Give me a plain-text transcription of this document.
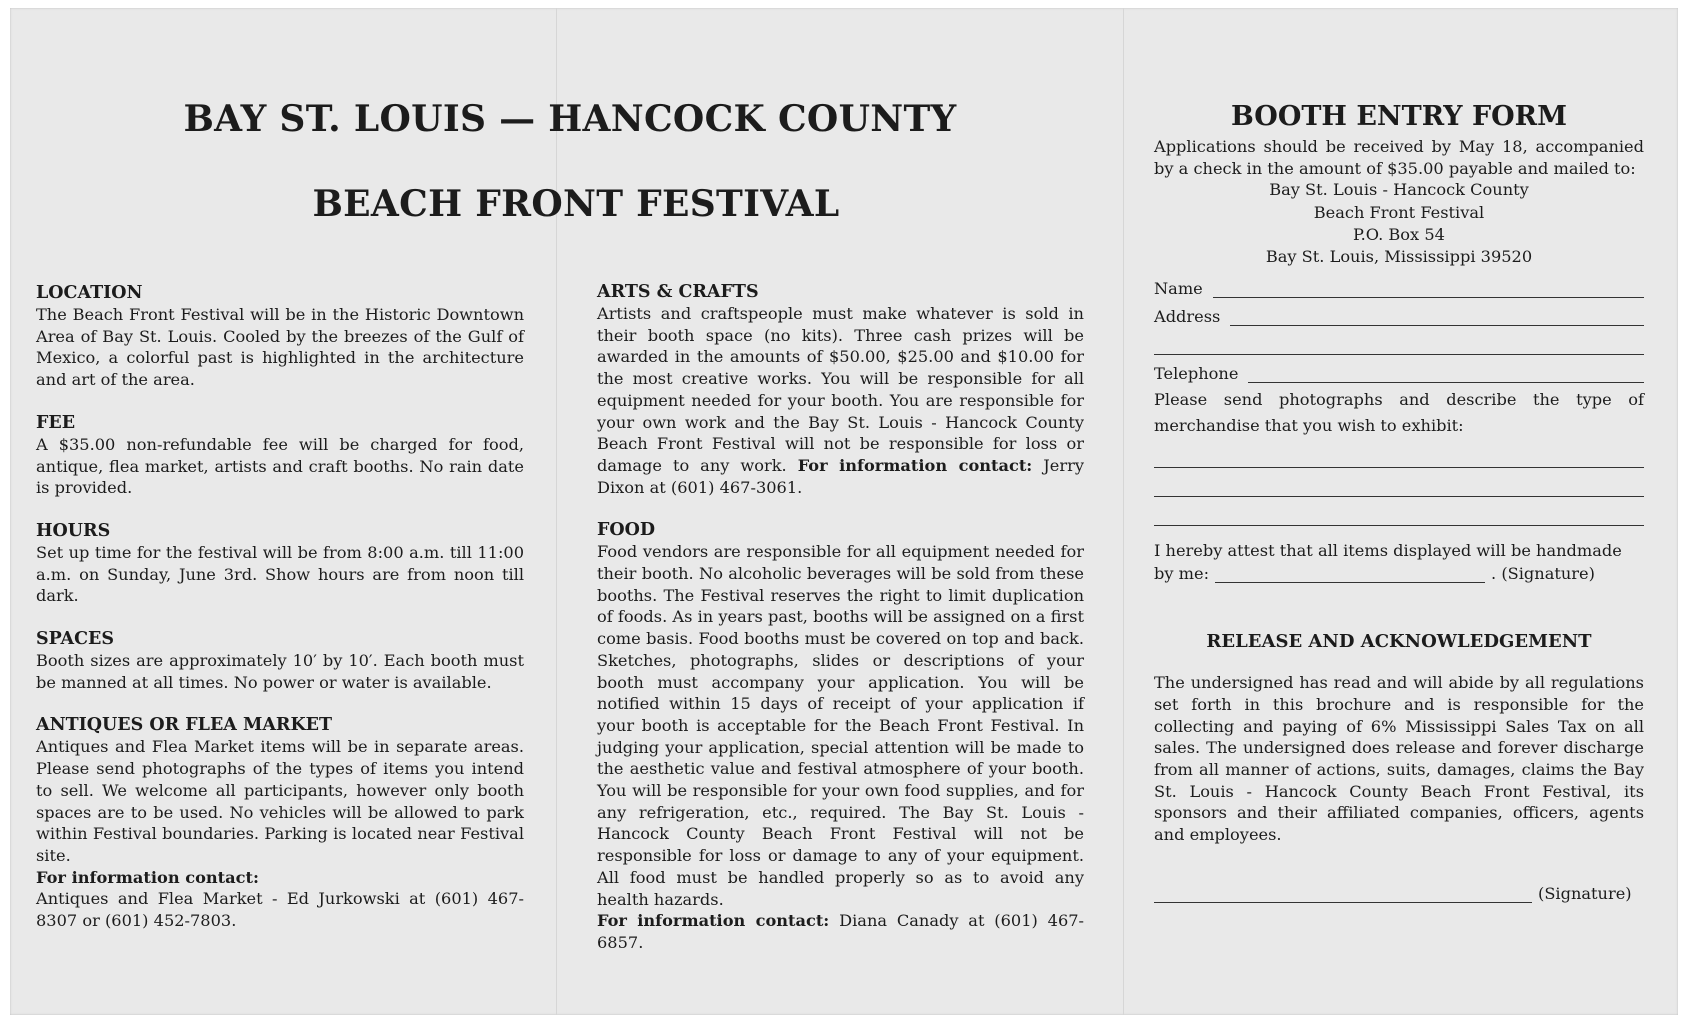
BAY ST. LOUIS — HANCOCK COUNTY
BEACH FRONT FESTIVAL

LOCATION

The Beach Front Festival will be in the Historic Downtown Area of Bay St. Louis. Cooled by the breezes of the Gulf of Mexico, a colorful past is highlighted in the architecture and art of the area.

FEE

A $35.00 non-refundable fee will be charged for food, antique, flea market, artists and craft booths. No rain date is provided.

HOURS

Set up time for the festival will be from 8:00 a.m. till 11:00 a.m. on Sunday, June 3rd. Show hours are from noon till dark.

SPACES

Booth sizes are approximately 10′ by 10′. Each booth must be manned at all times. No power or water is available.

ANTIQUES OR FLEA MARKET

Antiques and Flea Market items will be in separate areas. Please send photographs of the types of items you intend to sell. We welcome all participants, however only booth spaces are to be used. No vehicles will be allowed to park within Festival boundaries. Parking is located near Festival site.

For information contact:

Antiques and Flea Market - Ed Jurkowski at (601) 467-8307 or (601) 452-7803.

ARTS & CRAFTS

Artists and craftspeople must make whatever is sold in their booth space (no kits). Three cash prizes will be awarded in the amounts of $50.00, $25.00 and $10.00 for the most creative works. You will be responsible for all equipment needed for your booth. You are responsible for your own work and the Bay St. Louis - Hancock County Beach Front Festival will not be responsible for loss or damage to any work. For information contact: Jerry Dixon at (601) 467-3061.

FOOD

Food vendors are responsible for all equipment needed for their booth. No alcoholic beverages will be sold from these booths. The Festival reserves the right to limit duplication of foods. As in years past, booths will be assigned on a first come basis. Food booths must be covered on top and back. Sketches, photographs, slides or descriptions of your booth must accompany your application. You will be notified within 15 days of receipt of your application if your booth is acceptable for the Beach Front Festival. In judging your application, special attention will be made to the aesthetic value and festival atmosphere of your booth. You will be responsible for your own food supplies, and for any refrigeration, etc., required. The Bay St. Louis - Hancock County Beach Front Festival will not be responsible for loss or damage to any of your equipment. All food must be handled properly so as to avoid any health hazards.

For information contact: Diana Canady at (601) 467-6857.

BOOTH ENTRY FORM

Applications should be received by May 18, accompanied by a check in the amount of $35.00 payable and mailed to:

Bay St. Louis - Hancock County
Beach Front Festival
P.O. Box 54
Bay St. Louis, Mississippi 39520
Name
Address
Telephone

Please send photographs and describe the type of merchandise that you wish to exhibit:

I hereby attest that all items displayed will be handmade

by me:	. (Signature)

RELEASE AND ACKNOWLEDGEMENT

The undersigned has read and will abide by all regulations set forth in this brochure and is responsible for the collecting and paying of 6% Mississippi Sales Tax on all sales. The undersigned does release and forever discharge from all manner of actions, suits, damages, claims the Bay St. Louis - Hancock County Beach Front Festival, its sponsors and their affiliated companies, officers, agents and employees.

(Signature)
